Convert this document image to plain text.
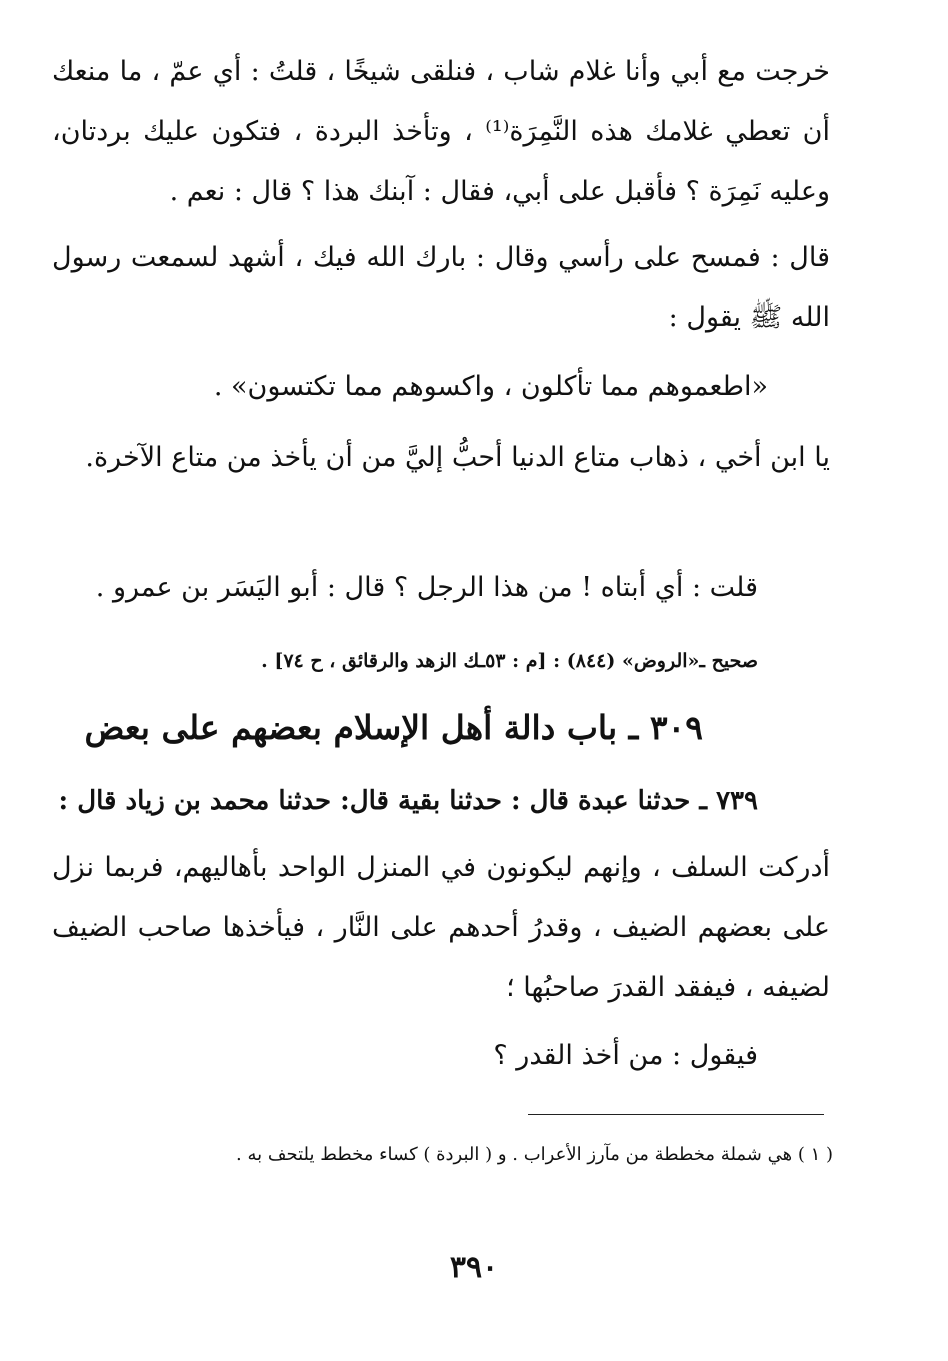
خرجت مع أبي وأنا غلام شاب ، فنلقى شيخًا ، قلتُ : أي عمّ ، ما منعك أن تعطي غلامك هذه النَّمِرَة⁽¹⁾ ، وتأخذ البردة ، فتكون عليك بردتان، وعليه نَمِرَة ؟ فأقبل على أبي، فقال : آبنك هذا ؟ قال : نعم .

قال : فمسح على رأسي وقال : بارك الله فيك ، أشهد لسمعت رسول الله ﷺ يقول :

«اطعموهم مما تأكلون ، واكسوهم مما تكتسون» .

يا ابن أخي ، ذهاب متاع الدنيا أحبُّ إليَّ من أن يأخذ من متاع الآخرة.

قلت : أي أبتاه ! من هذا الرجل ؟ قال : أبو اليَسَر بن عمرو .

صحيح ـ«الروض» (٨٤٤) : [م : ٥٣ـك الزهد والرقائق ، ح ٧٤] .

٣٠٩ ـ باب دالة أهل الإسلام بعضهم على بعض

٧٣٩ ـ حدثنا عبدة قال : حدثنا بقية قال: حدثنا محمد بن زياد قال :

أدركت السلف ، وإنهم ليكونون في المنزل الواحد بأهاليهم، فربما نزل على بعضهم الضيف ، وقدرُ أحدهم على النَّار ، فيأخذها صاحب الضيف لضيفه ، فيفقد القدرَ صاحبُها ؛

فيقول : من أخذ القدر ؟

( ١ ) هي شملة مخططة من مآرز الأعراب . و ( البردة ) كساء مخطط يلتحف به .

٣٩٠
